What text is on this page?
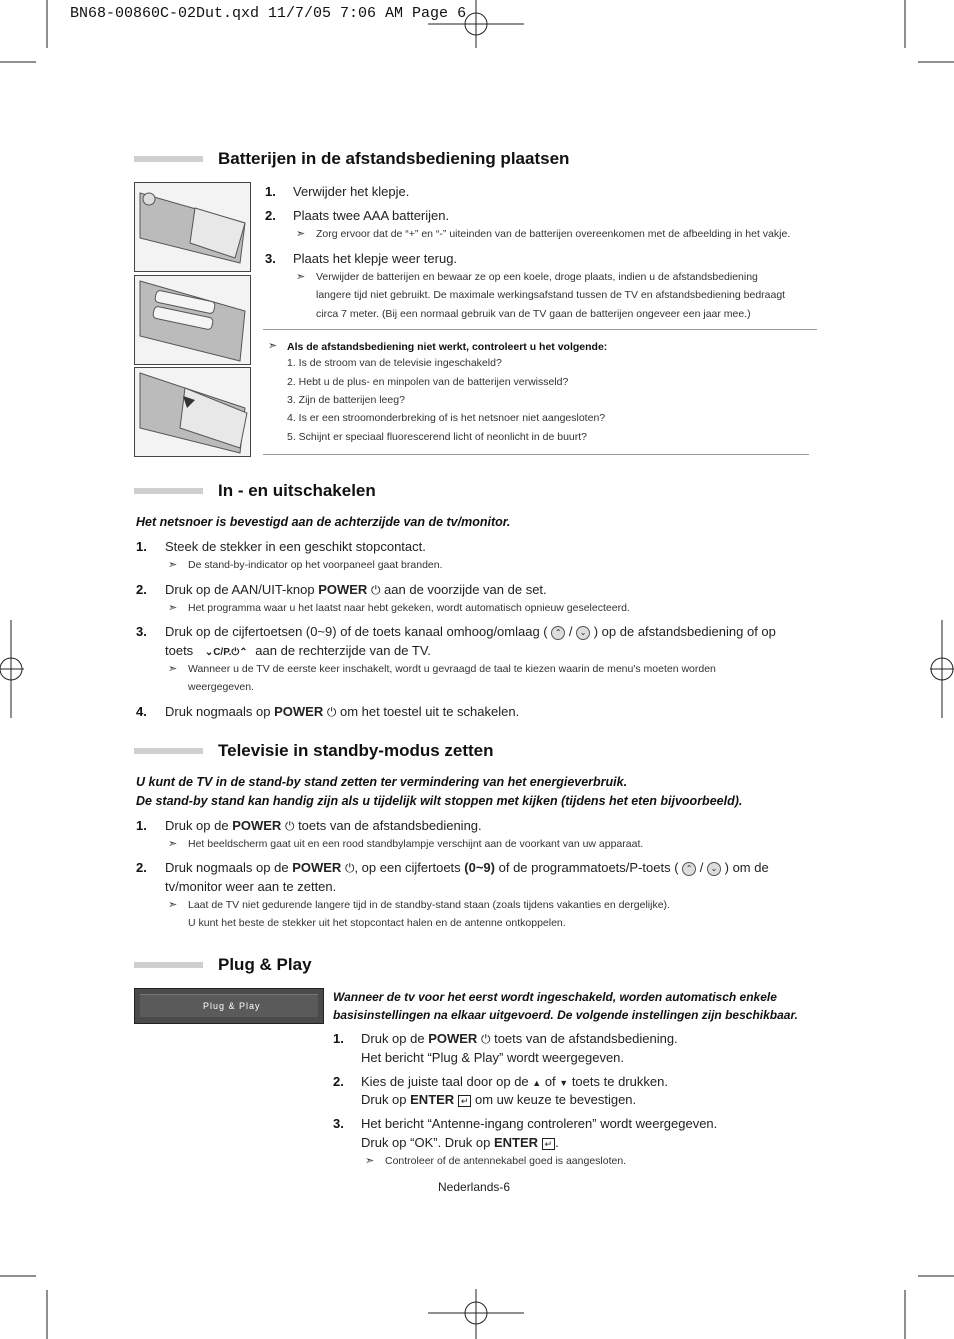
BN68-00860C-02Dut.qxd 11/7/05 7:06 AM Page 6
Batterijen in de afstandsbediening plaatsen
1. Verwijder het klepje.
2. Plaats twee AAA batterijen.
➣ Zorg ervoor dat de “+” en “-” uiteinden van de batterijen overeenkomen met de afbeelding in het vakje.
3. Plaats het klepje weer terug.
➣ Verwijder de batterijen en bewaar ze op een koele, droge plaats, indien u de afstandsbediening
langere tijd niet gebruikt. De maximale werkingsafstand tussen de TV en afstandsbediening bedraagt
circa 7 meter. (Bij een normaal gebruik van de TV gaan de batterijen ongeveer een jaar mee.)
➣ Als de afstandsbediening niet werkt, controleert u het volgende:
1. Is de stroom van de televisie ingeschakeld?
2. Hebt u de plus- en minpolen van de batterijen verwisseld?
3. Zijn de batterijen leeg?
4. Is er een stroomonderbreking of is het netsnoer niet aangesloten?
5. Schijnt er speciaal fluorescerend licht of neonlicht in de buurt?
In - en uitschakelen
Het netsnoer is bevestigd aan de achterzijde van de tv/monitor.
1. Steek de stekker in een geschikt stopcontact.
➣ De stand-by-indicator op het voorpaneel gaat branden.
2. Druk op de AAN/UIT-knop POWER ⏻ aan de voorzijde van de set.
➣ Het programma waar u het laatst naar hebt gekeken, wordt automatisch opnieuw geselecteerd.
3. Druk op de cijfertoetsen (0~9) of de toets kanaal omhoog/omlaag ( ⌃ / ⌄ ) op de afstandsbediening of op
toets ⌄C/P.⏻⌃ aan de rechterzijde van de TV.
➣ Wanneer u de TV de eerste keer inschakelt, wordt u gevraagd de taal te kiezen waarin de menu's moeten worden
weergegeven.
4. Druk nogmaals op POWER ⏻ om het toestel uit te schakelen.
Televisie in standby-modus zetten
U kunt de TV in de stand-by stand zetten ter vermindering van het energieverbruik.
De stand-by stand kan handig zijn als u tijdelijk wilt stoppen met kijken (tijdens het eten bijvoorbeeld).
1. Druk op de POWER ⏻ toets van de afstandsbediening.
➣ Het beeldscherm gaat uit en een rood standbylampje verschijnt aan de voorkant van uw apparaat.
2. Druk nogmaals op de POWER ⏻, op een cijfertoets (0~9) of de programmatoets/P-toets ( ⌃ / ⌄ ) om de
tv/monitor weer aan te zetten.
➣ Laat de TV niet gedurende langere tijd in de standby-stand staan (zoals tijdens vakanties en dergelijke).
U kunt het beste de stekker uit het stopcontact halen en de antenne ontkoppelen.
Plug & Play
Plug & Play
Wanneer de tv voor het eerst wordt ingeschakeld, worden automatisch enkele
basisinstellingen na elkaar uitgevoerd. De volgende instellingen zijn beschikbaar.
1. Druk op de POWER ⏻ toets van de afstandsbediening.
Het bericht “Plug & Play” wordt weergegeven.
2. Kies de juiste taal door op de ▲ of ▼ toets te drukken.
Druk op ENTER ↵ om uw keuze te bevestigen.
3. Het bericht “Antenne-ingang controleren” wordt weergegeven.
Druk op “OK”. Druk op ENTER ↵ .
➣ Controleer of de antennekabel goed is aangesloten.
Nederlands-6
